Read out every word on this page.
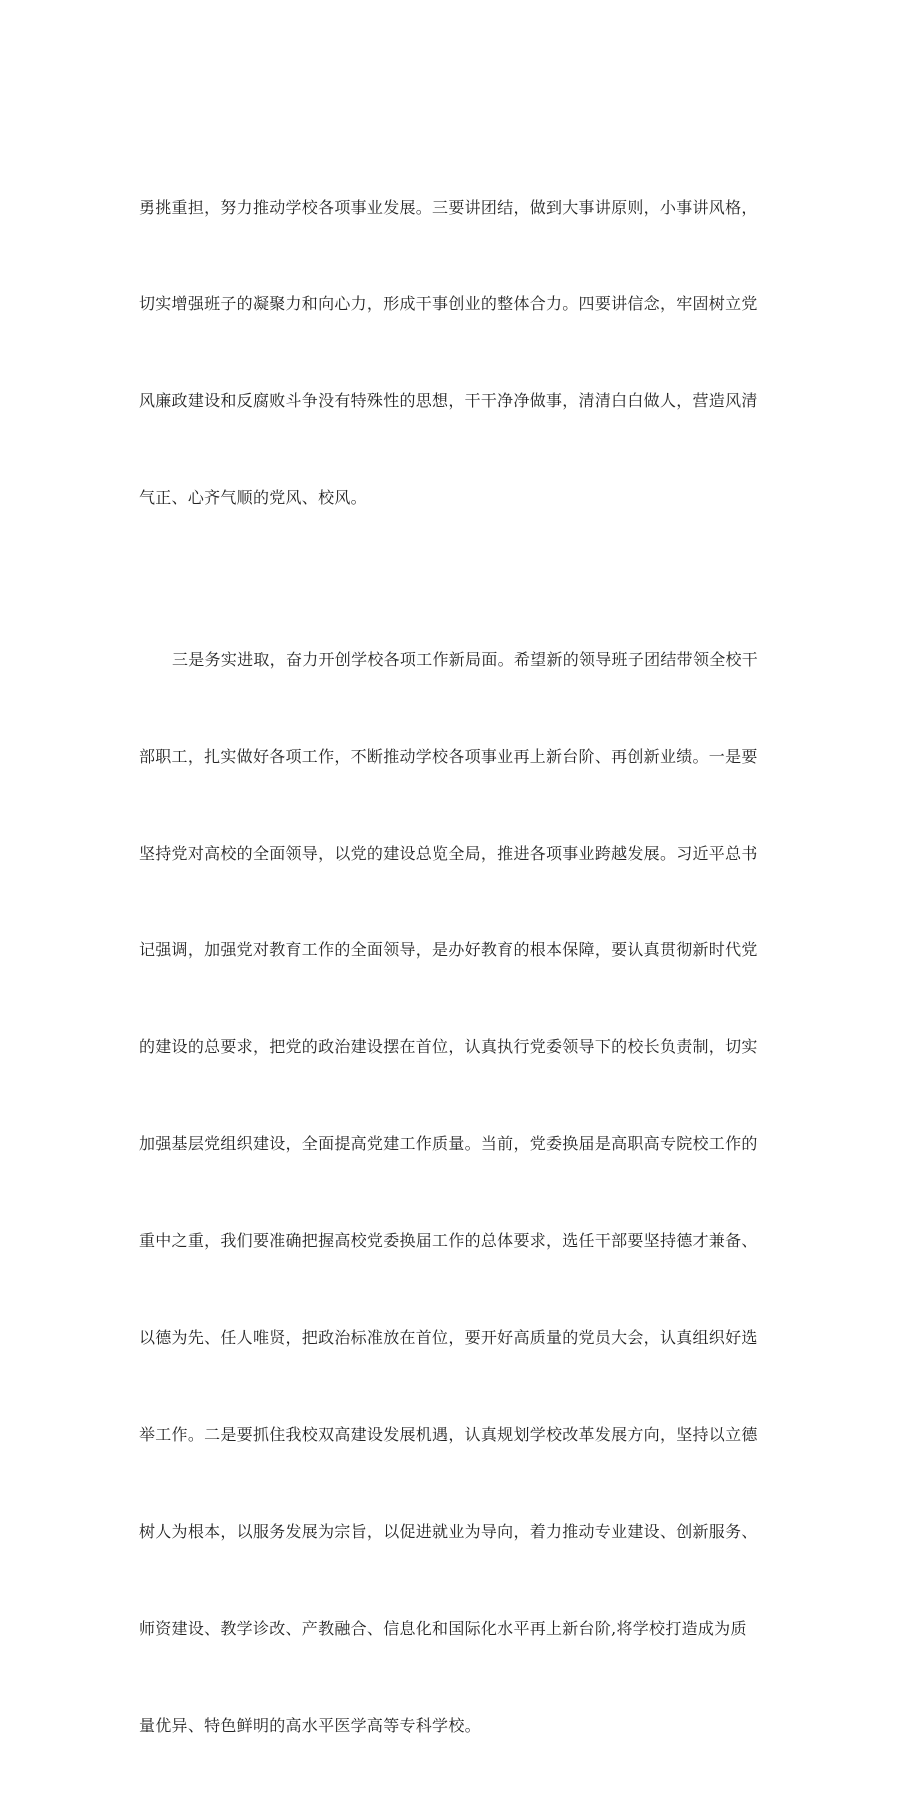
勇挑重担，努力推动学校各项事业发展。三要讲团结，做到大事讲原则，小事讲风格，

切实增强班子的凝聚力和向心力，形成干事创业的整体合力。四要讲信念，牢固树立党

风廉政建设和反腐败斗争没有特殊性的思想，干干净净做事，清清白白做人，营造风清

气正、心齐气顺的党风、校风。

三是务实进取，奋力开创学校各项工作新局面。希望新的领导班子团结带领全校干

部职工，扎实做好各项工作，不断推动学校各项事业再上新台阶、再创新业绩。一是要

坚持党对高校的全面领导，以党的建设总览全局，推进各项事业跨越发展。习近平总书

记强调，加强党对教育工作的全面领导，是办好教育的根本保障，要认真贯彻新时代党

的建设的总要求，把党的政治建设摆在首位，认真执行党委领导下的校长负责制，切实

加强基层党组织建设，全面提高党建工作质量。当前，党委换届是高职高专院校工作的

重中之重，我们要准确把握高校党委换届工作的总体要求，选任干部要坚持德才兼备、

以德为先、任人唯贤，把政治标准放在首位，要开好高质量的党员大会，认真组织好选

举工作。二是要抓住我校双高建设发展机遇，认真规划学校改革发展方向，坚持以立德

树人为根本，以服务发展为宗旨，以促进就业为导向，着力推动专业建设、创新服务、

师资建设、教学诊改、产教融合、信息化和国际化水平再上新台阶,将学校打造成为质

量优异、特色鲜明的高水平医学高等专科学校。
